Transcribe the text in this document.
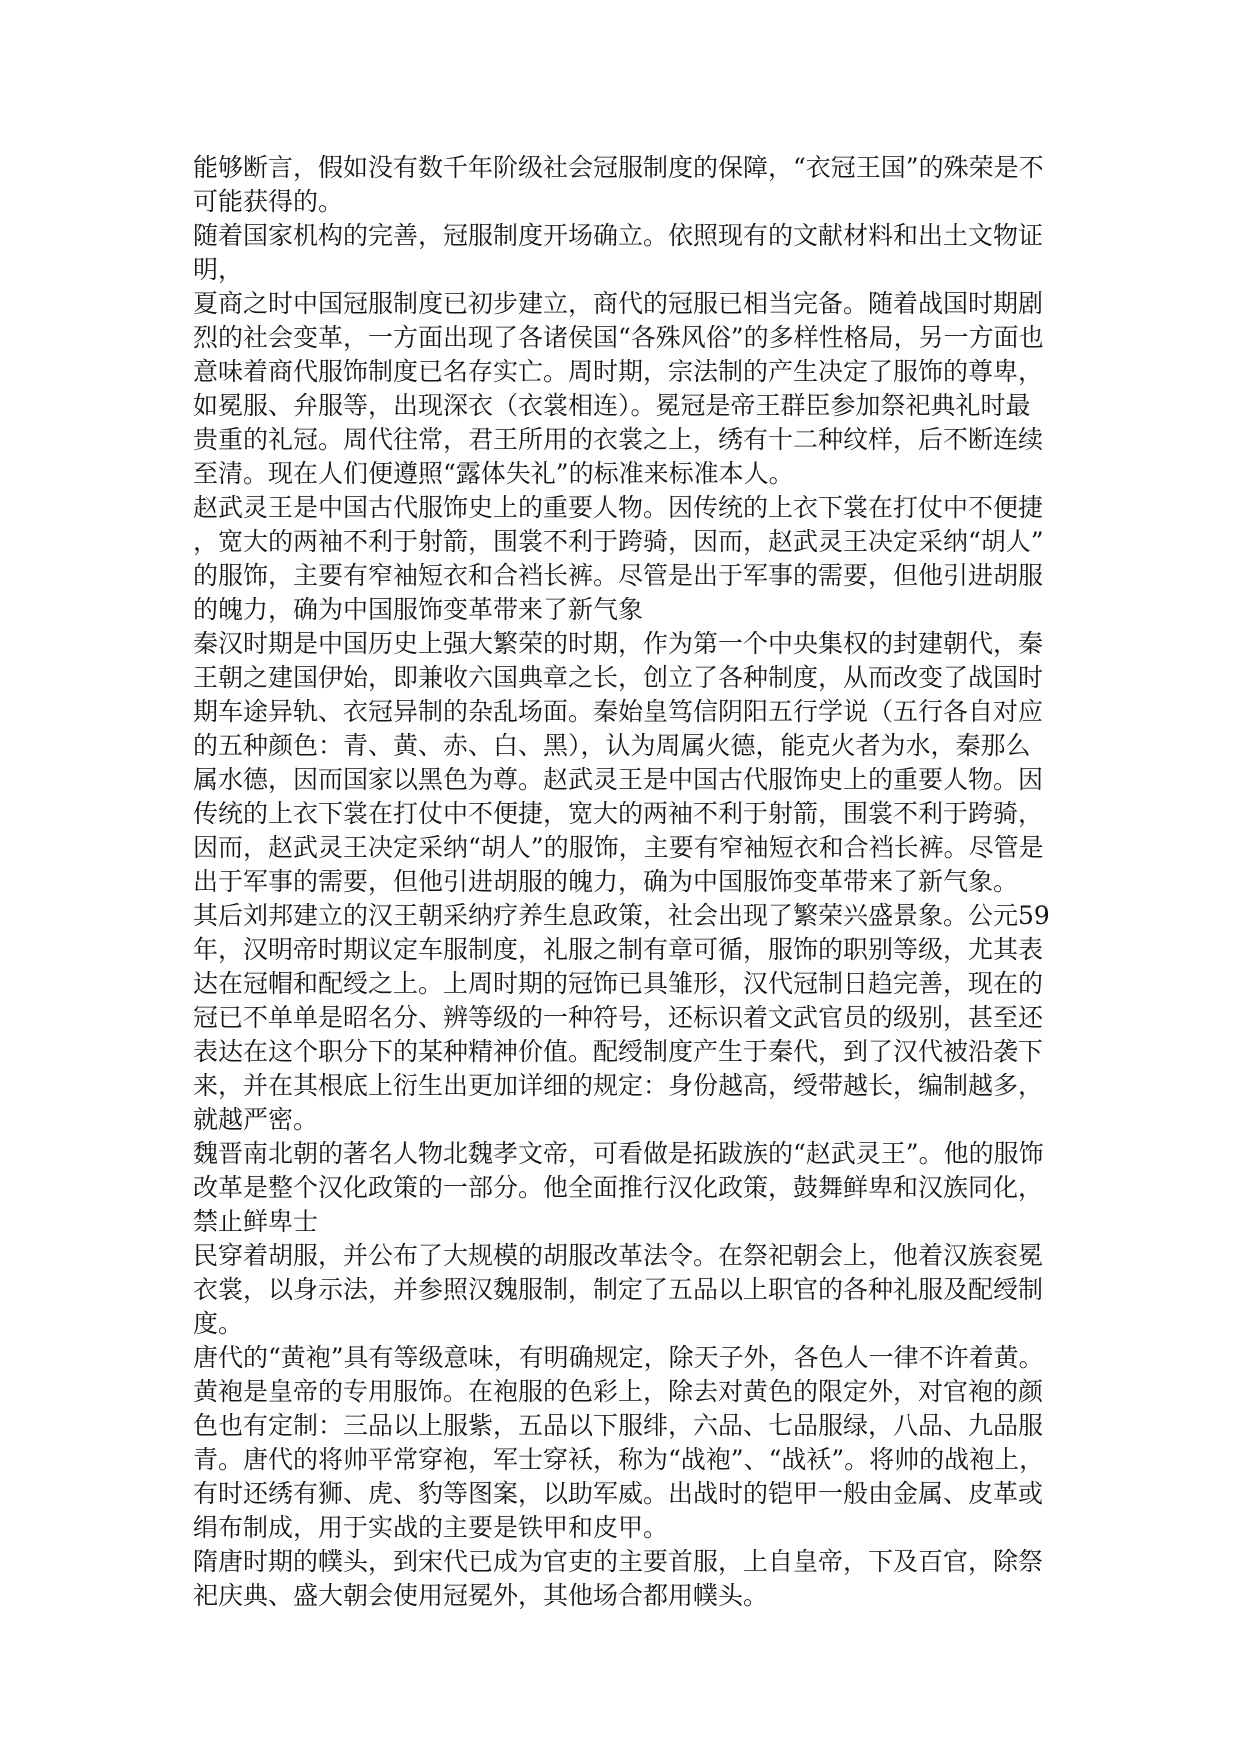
能够断言，假如没有数千年阶级社会冠服制度的保障，“衣冠王国”的殊荣是不
可能获得的。
随着国家机构的完善，冠服制度开场确立。依照现有的文献材料和出土文物证
明，
夏商之时中国冠服制度已初步建立，商代的冠服已相当完备。随着战国时期剧
烈的社会变革，一方面出现了各诸侯国“各殊风俗”的多样性格局，另一方面也
意味着商代服饰制度已名存实亡。周时期，宗法制的产生决定了服饰的尊卑，
如冕服、弁服等，出现深衣（衣裳相连）。冕冠是帝王群臣参加祭祀典礼时最
贵重的礼冠。周代往常，君王所用的衣裳之上，绣有十二种纹样，后不断连续
至清。现在人们便遵照“露体失礼”的标准来标准本人。
赵武灵王是中国古代服饰史上的重要人物。因传统的上衣下裳在打仗中不便捷
，宽大的两袖不利于射箭，围裳不利于跨骑，因而，赵武灵王决定采纳“胡人”
的服饰，主要有窄袖短衣和合裆长裤。尽管是出于军事的需要，但他引进胡服
的魄力，确为中国服饰变革带来了新气象
秦汉时期是中国历史上强大繁荣的时期，作为第一个中央集权的封建朝代，秦
王朝之建国伊始，即兼收六国典章之长，创立了各种制度，从而改变了战国时
期车途异轨、衣冠异制的杂乱场面。秦始皇笃信阴阳五行学说（五行各自对应
的五种颜色：青、黄、赤、白、黑），认为周属火德，能克火者为水，秦那么
属水德，因而国家以黑色为尊。赵武灵王是中国古代服饰史上的重要人物。因
传统的上衣下裳在打仗中不便捷，宽大的两袖不利于射箭，围裳不利于跨骑，
因而，赵武灵王决定采纳“胡人”的服饰，主要有窄袖短衣和合裆长裤。尽管是
出于军事的需要，但他引进胡服的魄力，确为中国服饰变革带来了新气象。
其后刘邦建立的汉王朝采纳疗养生息政策，社会出现了繁荣兴盛景象。公元59
年，汉明帝时期议定车服制度，礼服之制有章可循，服饰的职别等级，尤其表
达在冠帽和配绶之上。上周时期的冠饰已具雏形，汉代冠制日趋完善，现在的
冠已不单单是昭名分、辨等级的一种符号，还标识着文武官员的级别，甚至还
表达在这个职分下的某种精神价值。配绶制度产生于秦代，到了汉代被沿袭下
来，并在其根底上衍生出更加详细的规定：身份越高，绶带越长，编制越多，
就越严密。
魏晋南北朝的著名人物北魏孝文帝，可看做是拓跋族的“赵武灵王”。他的服饰
改革是整个汉化政策的一部分。他全面推行汉化政策，鼓舞鲜卑和汉族同化，
禁止鲜卑士
民穿着胡服，并公布了大规模的胡服改革法令。在祭祀朝会上，他着汉族衮冕
衣裳，以身示法，并参照汉魏服制，制定了五品以上职官的各种礼服及配绶制
度。
唐代的“黄袍”具有等级意味，有明确规定，除天子外，各色人一律不许着黄。
黄袍是皇帝的专用服饰。在袍服的色彩上，除去对黄色的限定外，对官袍的颜
色也有定制：三品以上服紫，五品以下服绯，六品、七品服绿，八品、九品服
青。唐代的将帅平常穿袍，军士穿袄，称为“战袍”、“战袄”。将帅的战袍上，
有时还绣有狮、虎、豹等图案，以助军威。出战时的铠甲一般由金属、皮革或
绢布制成，用于实战的主要是铁甲和皮甲。
隋唐时期的幞头，到宋代已成为官吏的主要首服，上自皇帝，下及百官，除祭
祀庆典、盛大朝会使用冠冕外，其他场合都用幞头。
